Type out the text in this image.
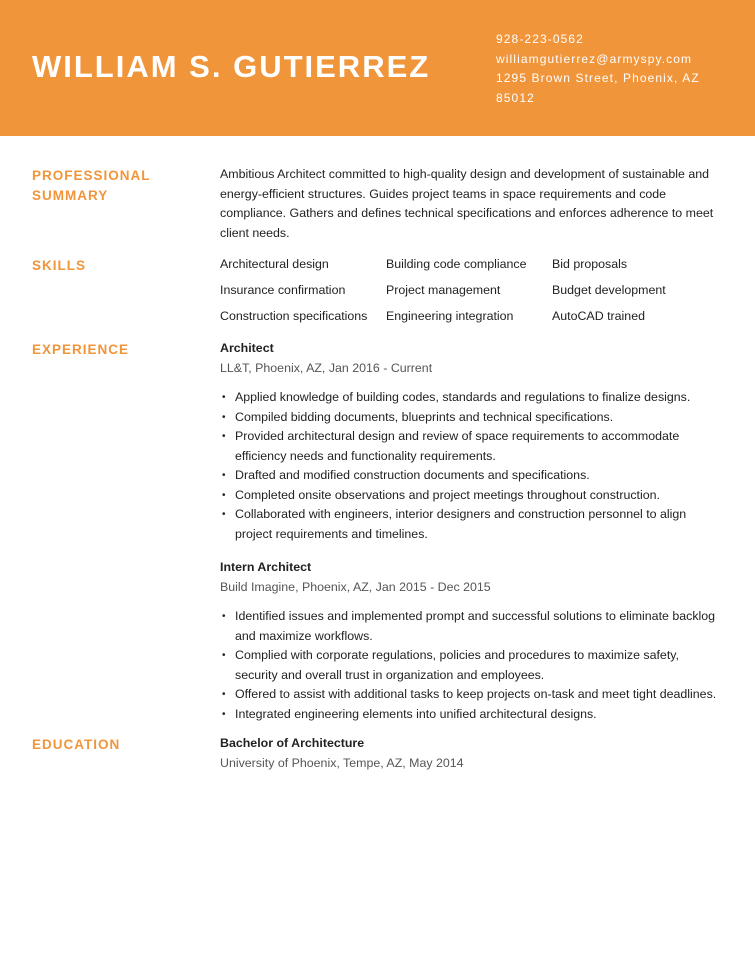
WILLIAM S. GUTIERREZ
928-223-0562
williamgutierrez@armyspy.com
1295 Brown Street, Phoenix, AZ
85012
PROFESSIONAL
SUMMARY

Ambitious Architect committed to high-quality design and development of sustainable and energy-efficient structures. Guides project teams in space requirements and code compliance. Gathers and defines technical specifications and enforces adherence to meet client needs.

SKILLS	Architectural design	Building code compliance	Bid proposals
Insurance confirmation	Project management	Budget development
Construction specifications	Engineering integration	AutoCAD trained
EXPERIENCE	Architect
LL&T, Phoenix, AZ, Jan 2016 - Current
• Applied knowledge of building codes, standards and regulations to finalize designs.
• Compiled bidding documents, blueprints and technical specifications.
• Provided architectural design and review of space requirements to accommodate efficiency needs and functionality requirements.
• Drafted and modified construction documents and specifications.
• Completed onsite observations and project meetings throughout construction.
• Collaborated with engineers, interior designers and construction personnel to align project requirements and timelines.
Intern Architect
Build Imagine, Phoenix, AZ, Jan 2015 - Dec 2015
• Identified issues and implemented prompt and successful solutions to eliminate backlog and maximize workflows.
• Complied with corporate regulations, policies and procedures to maximize safety, security and overall trust in organization and employees.
• Offered to assist with additional tasks to keep projects on-task and meet tight deadlines.
• Integrated engineering elements into unified architectural designs.
EDUCATION	Bachelor of Architecture
University of Phoenix, Tempe, AZ, May 2014
